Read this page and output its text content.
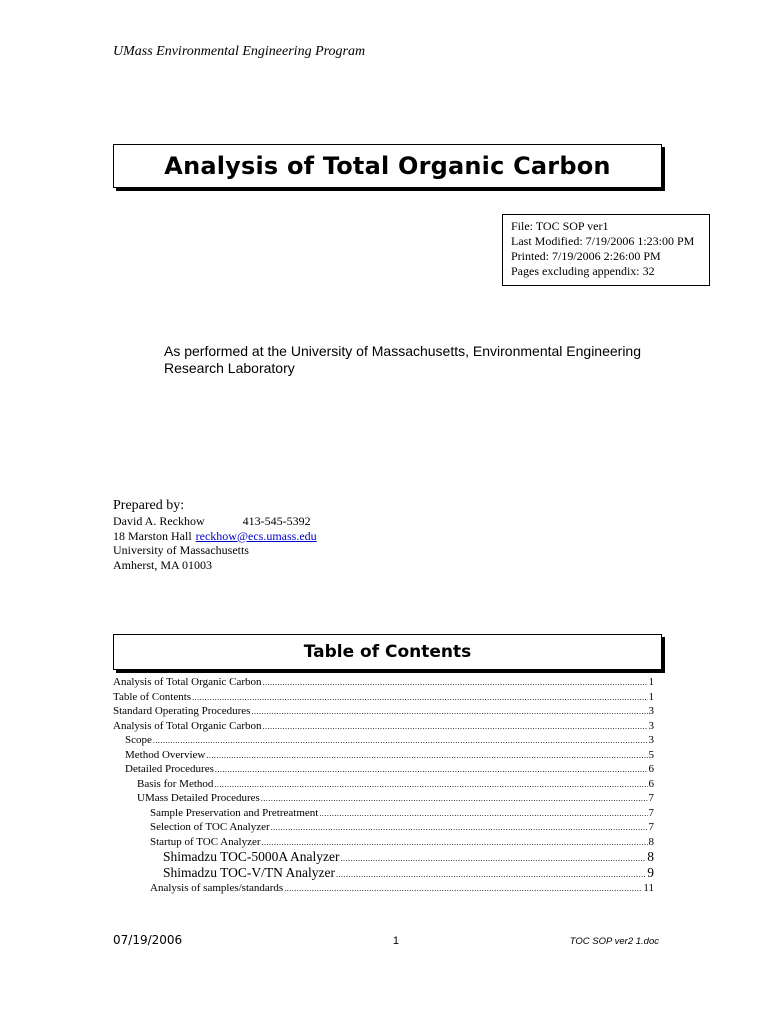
UMass Environmental Engineering Program
Analysis of Total Organic Carbon
File: TOC SOP ver1
Last Modified: 7/19/2006 1:23:00 PM
Printed: 7/19/2006 2:26:00 PM
Pages excluding appendix: 32
As performed at the University of Massachusetts, Environmental Engineering Research Laboratory
Prepared by:
David A. Reckhow	413-545-5392
18 Marston Hall reckhow@ecs.umass.edu
University of Massachusetts
Amherst, MA 01003
Table of Contents
Analysis of Total Organic Carbon .....	1
Table of Contents .....	1
Standard Operating Procedures .....	3
Analysis of Total Organic Carbon .....	3
Scope .....	3
Method Overview .....	5
Detailed Procedures .....	6
Basis for Method .....	6
UMass Detailed Procedures .....	7
Sample Preservation and Pretreatment .....	7
Selection of TOC Analyzer .....	7
Startup of TOC Analyzer .....	8
Shimadzu TOC-5000A Analyzer .....	8
Shimadzu TOC-V/TN Analyzer .....	9
Analysis of samples/standards .....	11
07/19/2006	1	TOC SOP ver2 1.doc
